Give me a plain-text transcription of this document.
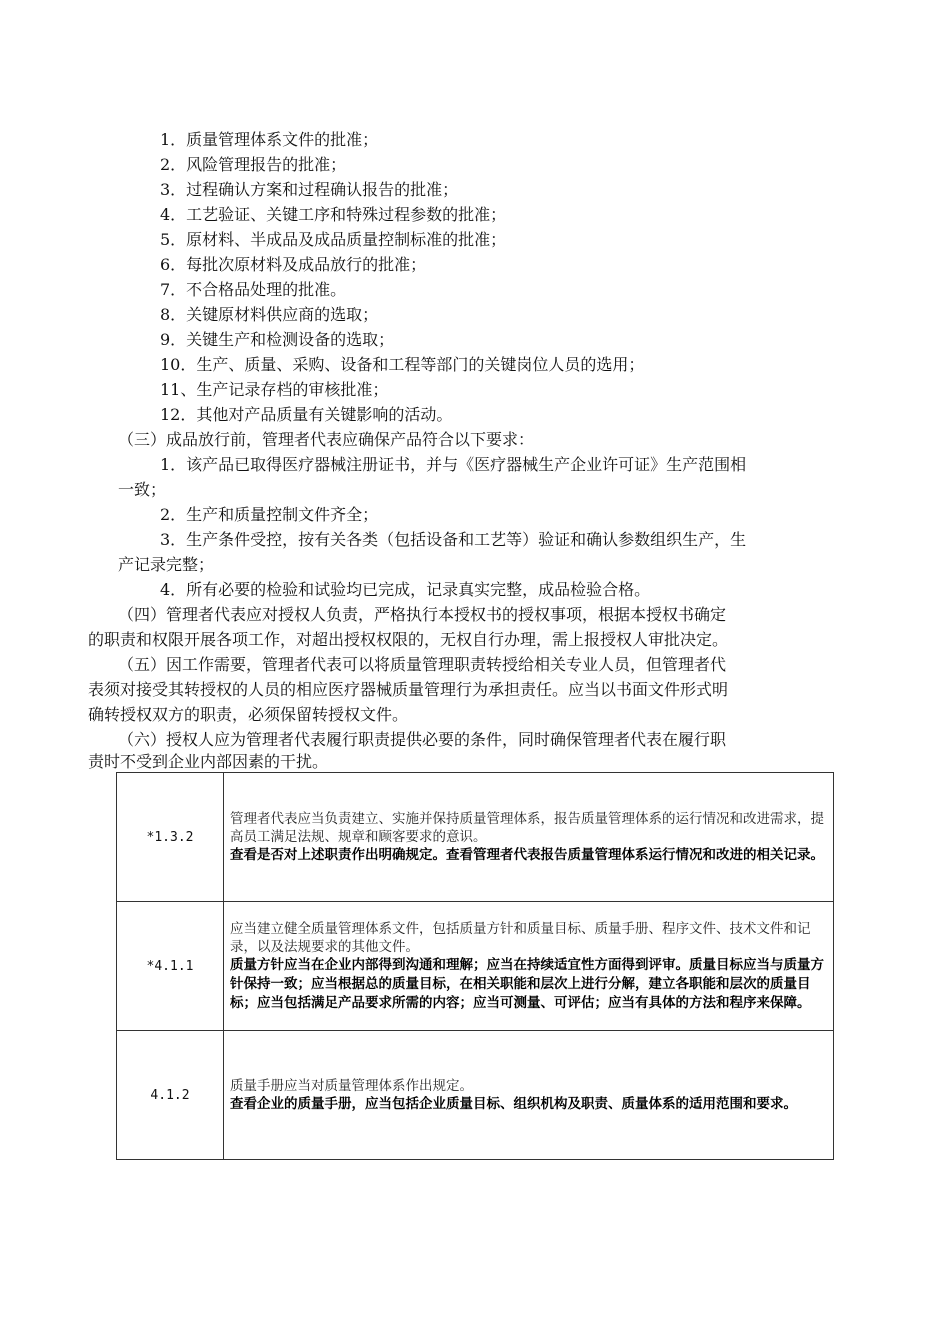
1．质量管理体系文件的批准；
2．风险管理报告的批准；
3．过程确认方案和过程确认报告的批准；
4．工艺验证、关键工序和特殊过程参数的批准；
5．原材料、半成品及成品质量控制标准的批准；
6．每批次原材料及成品放行的批准；
7．不合格品处理的批准。
8．关键原材料供应商的选取；
9．关键生产和检测设备的选取；
10．生产、质量、采购、设备和工程等部门的关键岗位人员的选用；
11、生产记录存档的审核批准；
12．其他对产品质量有关键影响的活动。
（三）成品放行前，管理者代表应确保产品符合以下要求：
1．该产品已取得医疗器械注册证书，并与《医疗器械生产企业许可证》生产范围相
一致；
2．生产和质量控制文件齐全；
3．生产条件受控，按有关各类（包括设备和工艺等）验证和确认参数组织生产，生
产记录完整；
4．所有必要的检验和试验均已完成，记录真实完整，成品检验合格。
（四）管理者代表应对授权人负责，严格执行本授权书的授权事项，根据本授权书确定
的职责和权限开展各项工作，对超出授权权限的，无权自行办理，需上报授权人审批决定。
（五）因工作需要，管理者代表可以将质量管理职责转授给相关专业人员，但管理者代
表须对接受其转授权的人员的相应医疗器械质量管理行为承担责任。应当以书面文件形式明
确转授权双方的职责，必须保留转授权文件。
（六）授权人应为管理者代表履行职责提供必要的条件，同时确保管理者代表在履行职
责时不受到企业内部因素的干扰。
*1.3.2	管理者代表应当负责建立、实施并保持质量管理体系，报告质量管理体系的运行情况和改进需求，提高员工满足法规、规章和顾客要求的意识。
查看是否对上述职责作出明确规定。查看管理者代表报告质量管理体系运行情况和改进的相关记录。

*4.1.1	应当建立健全质量管理体系文件，包括质量方针和质量目标、质量手册、程序文件、技术文件和记录，以及法规要求的其他文件。
质量方针应当在企业内部得到沟通和理解；应当在持续适宜性方面得到评审。质量目标应当与质量方针保持一致；应当根据总的质量目标，在相关职能和层次上进行分解，建立各职能和层次的质量目标；应当包括满足产品要求所需的内容；应当可测量、可评估；应当有具体的方法和程序来保障。

4.1.2	质量手册应当对质量管理体系作出规定。
查看企业的质量手册，应当包括企业质量目标、组织机构及职责、质量体系的适用范围和要求。
